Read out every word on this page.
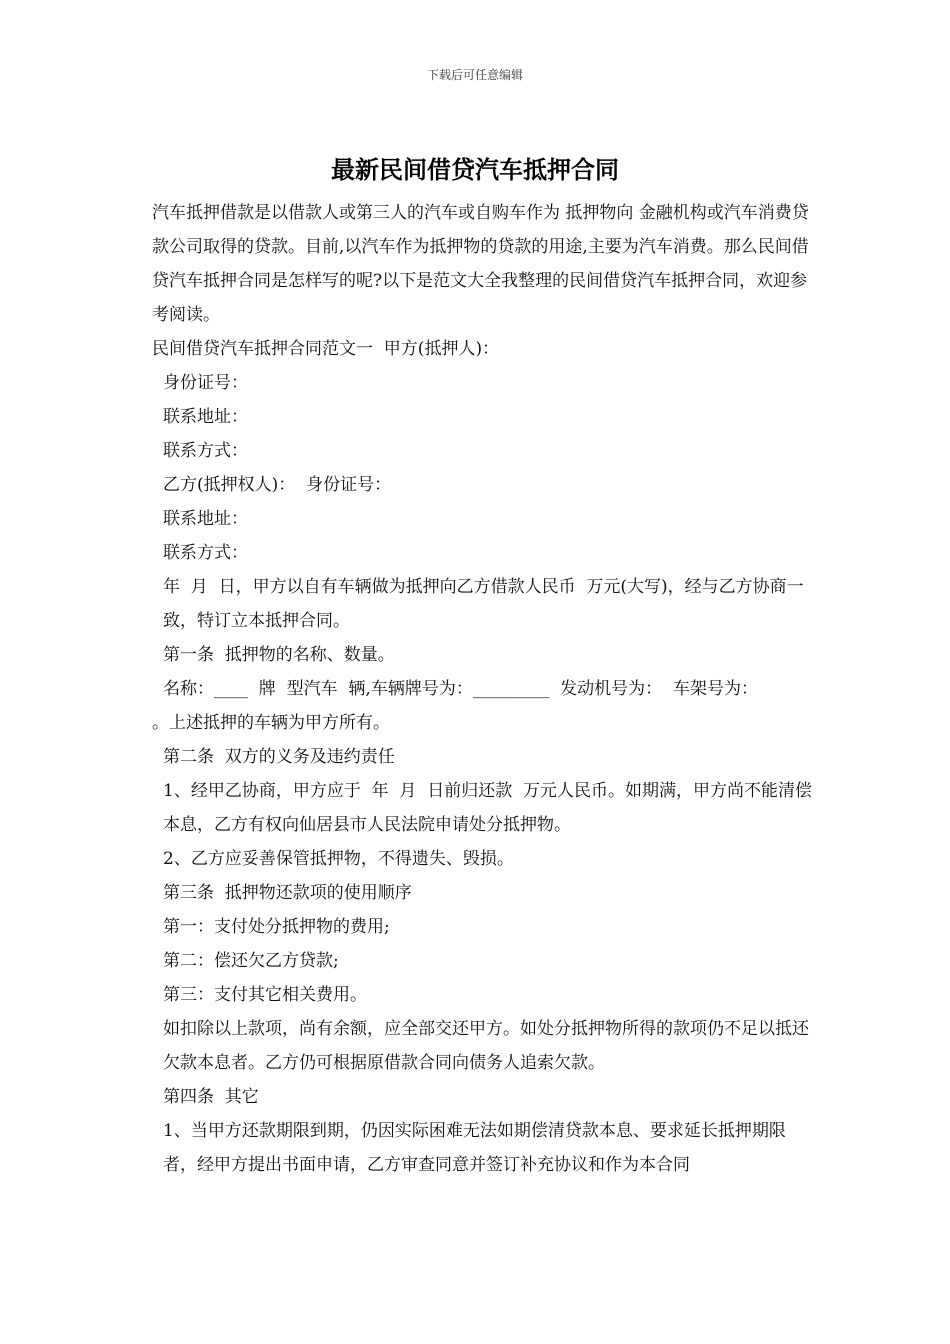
下载后可任意编辑
最新民间借贷汽车抵押合同

汽车抵押借款是以借款人或第三人的汽车或自购车作为 抵押物向 金融机构或汽车消费贷款公司取得的贷款。目前,以汽车作为抵押物的贷款的用途,主要为汽车消费。那么民间借贷汽车抵押合同是怎样写的呢?以下是范文大全我整理的民间借贷汽车抵押合同，欢迎参考阅读。

民间借贷汽车抵押合同范文一  甲方(抵押人)：

身份证号：

联系地址：

联系方式：

乙方(抵押权人)：  身份证号：

联系地址：

联系方式：

年  月  日，甲方以自有车辆做为抵押向乙方借款人民币  万元(大写)，经与乙方协商一致，特订立本抵押合同。

第一条  抵押物的名称、数量。

名称：____  牌  型汽车  辆,车辆牌号为：_________  发动机号为：  车架号为：

。上述抵押的车辆为甲方所有。

第二条  双方的义务及违约责任

1、经甲乙协商，甲方应于  年  月  日前归还款  万元人民币。如期满，甲方尚不能清偿本息，乙方有权向仙居县市人民法院申请处分抵押物。

2、乙方应妥善保管抵押物，不得遗失、毁损。

第三条  抵押物还款项的使用顺序

第一：支付处分抵押物的费用;

第二：偿还欠乙方贷款;

第三：支付其它相关费用。

如扣除以上款项，尚有余额，应全部交还甲方。如处分抵押物所得的款项仍不足以抵还欠款本息者。乙方仍可根据原借款合同向债务人追索欠款。

第四条  其它

1、当甲方还款期限到期，仍因实际困难无法如期偿清贷款本息、要求延长抵押期限者，经甲方提出书面申请，乙方审查同意并签订补充协议和作为本合同
